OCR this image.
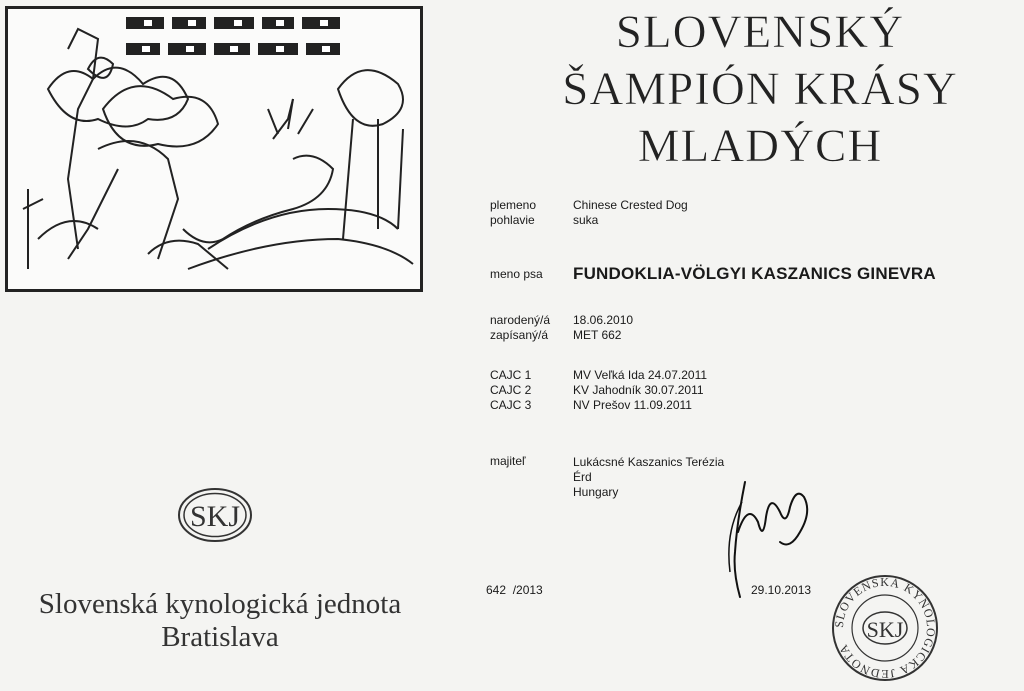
SLOVENSKÝ
ŠAMPIÓN KRÁSY
MLADÝCH
plemeno	Chinese Crested Dog
pohlavie	suka
meno psa FUNDOKLIA-VÖLGYI KASZANICS GINEVRA
narodený/á 18.06.2010
zapísaný/á MET 662
CAJC 1	MV Veľká Ida 24.07.2011
CAJC 2	KV Jahodník 30.07.2011
CAJC 3	NV Prešov 11.09.2011
majiteľ	Lukácsné Kaszanics Terézia
Érd
Hungary
642  /2013	29.10.2013
SKJ
Slovenská kynologická jednota
Bratislava	SLOVENSKÁ KYNOLOGICKÁ JEDNOTA
SKJ
